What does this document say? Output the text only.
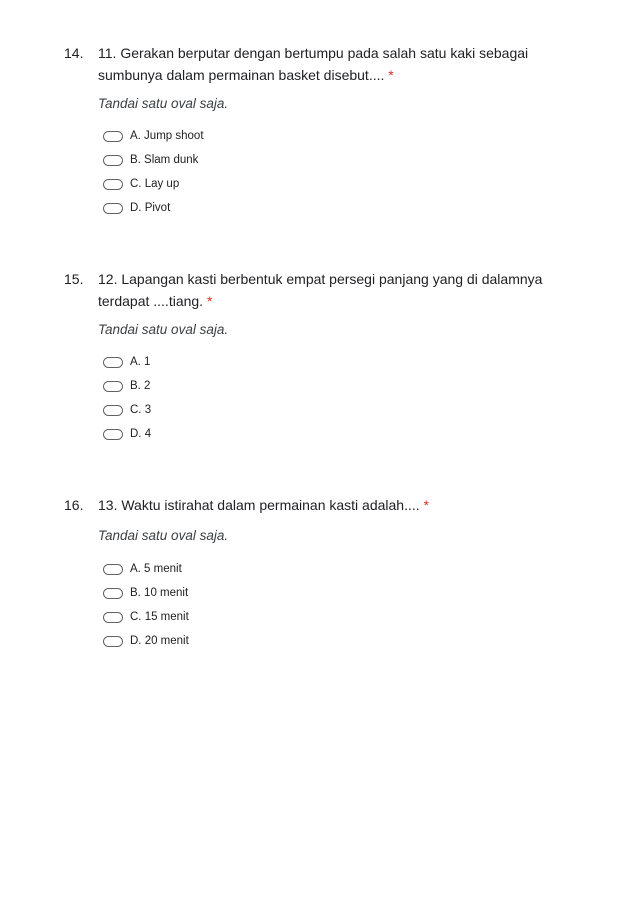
14. 11. Gerakan berputar dengan bertumpu pada salah satu kaki sebagai sumbunya dalam permainan basket disebut.... *
Tandai satu oval saja.
A. Jump shoot
B. Slam dunk
C. Lay up
D. Pivot
15. 12. Lapangan kasti berbentuk empat persegi panjang yang di dalamnya terdapat ....tiang. *
Tandai satu oval saja.
A. 1
B. 2
C. 3
D. 4
16. 13. Waktu istirahat dalam permainan kasti adalah.... *
Tandai satu oval saja.
A. 5 menit
B. 10 menit
C. 15 menit
D. 20 menit
